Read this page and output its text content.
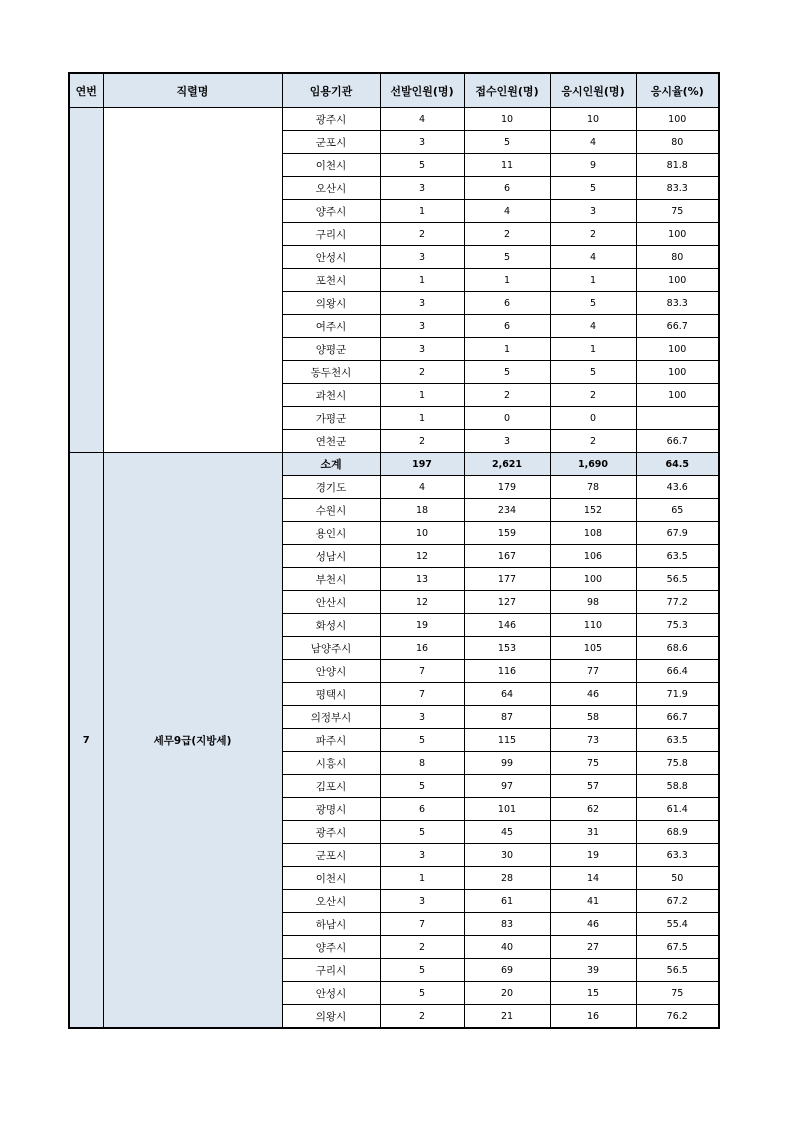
연번	직렬명	임용기관	선발인원(명)	접수인원(명)	응시인원(명)	응시율(%)
		광주시	4	10	10	100
		군포시	3	5	4	80
		이천시	5	11	9	81.8
		오산시	3	6	5	83.3
		양주시	1	4	3	75
		구리시	2	2	2	100
		안성시	3	5	4	80
		포천시	1	1	1	100
		의왕시	3	6	5	83.3
		여주시	3	6	4	66.7
		양평군	3	1	1	100
		동두천시	2	5	5	100
		과천시	1	2	2	100
		가평군	1	0	0	
		연천군	2	3	2	66.7
7	세무9급(지방세)	소계	197	2,621	1,690	64.5
		경기도	4	179	78	43.6
		수원시	18	234	152	65
		용인시	10	159	108	67.9
		성남시	12	167	106	63.5
		부천시	13	177	100	56.5
		안산시	12	127	98	77.2
		화성시	19	146	110	75.3
		남양주시	16	153	105	68.6
		안양시	7	116	77	66.4
		평택시	7	64	46	71.9
		의정부시	3	87	58	66.7
		파주시	5	115	73	63.5
		시흥시	8	99	75	75.8
		김포시	5	97	57	58.8
		광명시	6	101	62	61.4
		광주시	5	45	31	68.9
		군포시	3	30	19	63.3
		이천시	1	28	14	50
		오산시	3	61	41	67.2
		하남시	7	83	46	55.4
		양주시	2	40	27	67.5
		구리시	5	69	39	56.5
		안성시	5	20	15	75
		의왕시	2	21	16	76.2
